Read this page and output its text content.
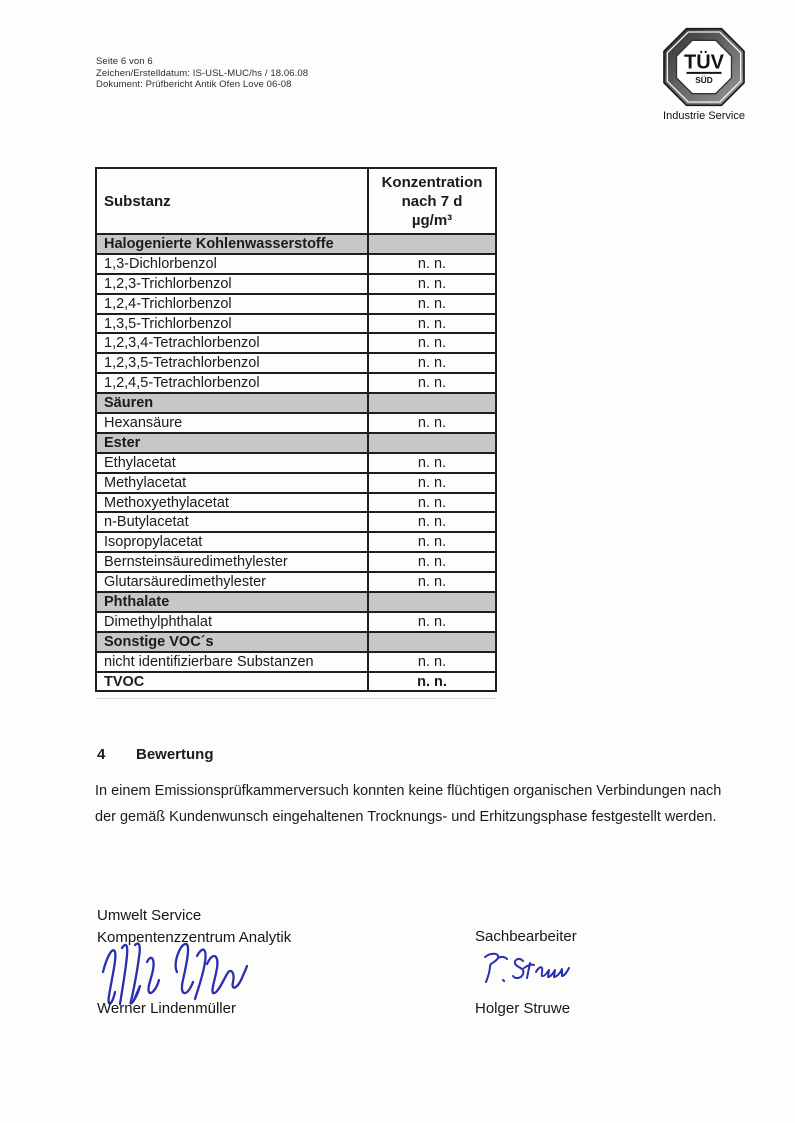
Seite 6 von 6
Zeichen/Erstelldatum: IS-USL-MUC/hs / 18.06.08
Dokument: Prüfbericht Antik Ofen Love 06-08
TÜV
SÜD
Industrie Service
Substanz	Konzentration
nach 7 d
µg/m³

Halogenierte Kohlenwasserstoffe	
1,3-Dichlorbenzol	n. n.
1,2,3-Trichlorbenzol	n. n.
1,2,4-Trichlorbenzol	n. n.
1,3,5-Trichlorbenzol	n. n.
1,2,3,4-Tetrachlorbenzol	n. n.
1,2,3,5-Tetrachlorbenzol	n. n.
1,2,4,5-Tetrachlorbenzol	n. n.
Säuren	
Hexansäure	n. n.
Ester	
Ethylacetat	n. n.
Methylacetat	n. n.
Methoxyethylacetat	n. n.
n-Butylacetat	n. n.
Isopropylacetat	n. n.
Bernsteinsäuredimethylester	n. n.
Glutarsäuredimethylester	n. n.
Phthalate	
Dimethylphthalat	n. n.
Sonstige VOC´s	
nicht identifizierbare Substanzen	n. n.
TVOC	n. n.
4	Bewertung
In einem Emissionsprüfkammerversuch konnten keine flüchtigen organischen Verbindungen nach der gemäß Kundenwunsch eingehaltenen Trocknungs- und Erhitzungsphase festgestellt werden.
Umwelt Service
Kompentenzzentrum Analytik
Werner Lindenmüller
Sachbearbeiter
Holger Struwe
